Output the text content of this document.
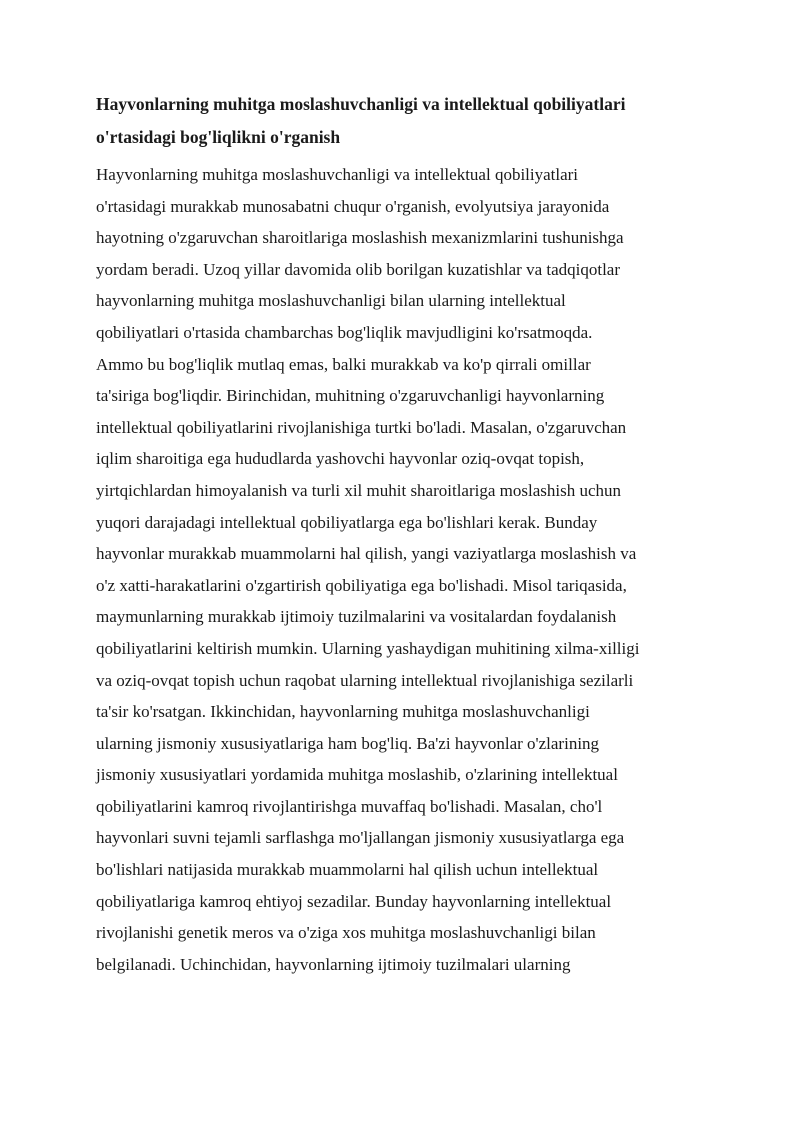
Hayvonlarning muhitga moslashuvchanligi va intellektual qobiliyatlari
o'rtasidagi bog'liqlikni o'rganish
Hayvonlarning muhitga moslashuvchanligi va intellektual qobiliyatlari
o'rtasidagi murakkab munosabatni chuqur o'rganish, evolyutsiya jarayonida
hayotning o'zgaruvchan sharoitlariga moslashish mexanizmlarini tushunishga
yordam beradi. Uzoq yillar davomida olib borilgan kuzatishlar va tadqiqotlar
hayvonlarning muhitga moslashuvchanligi bilan ularning intellektual
qobiliyatlari o'rtasida chambarchas bog'liqlik mavjudligini ko'rsatmoqda.
Ammo bu bog'liqlik mutlaq emas, balki murakkab va ko'p qirrali omillar
ta'siriga bog'liqdir. Birinchidan, muhitning o'zgaruvchanligi hayvonlarning
intellektual qobiliyatlarini rivojlanishiga turtki bo'ladi. Masalan, o'zgaruvchan
iqlim sharoitiga ega hududlarda yashovchi hayvonlar oziq-ovqat topish,
yirtqichlardan himoyalanish va turli xil muhit sharoitlariga moslashish uchun
yuqori darajadagi intellektual qobiliyatlarga ega bo'lishlari kerak. Bunday
hayvonlar murakkab muammolarni hal qilish, yangi vaziyatlarga moslashish va
o'z xatti-harakatlarini o'zgartirish qobiliyatiga ega bo'lishadi. Misol tariqasida,
maymunlarning murakkab ijtimoiy tuzilmalarini va vositalardan foydalanish
qobiliyatlarini keltirish mumkin. Ularning yashaydigan muhitining xilma-xilligi
va oziq-ovqat topish uchun raqobat ularning intellektual rivojlanishiga sezilarli
ta'sir ko'rsatgan. Ikkinchidan, hayvonlarning muhitga moslashuvchanligi
ularning jismoniy xususiyatlariga ham bog'liq. Ba'zi hayvonlar o'zlarining
jismoniy xususiyatlari yordamida muhitga moslashib, o'zlarining intellektual
qobiliyatlarini kamroq rivojlantirishga muvaffaq bo'lishadi. Masalan, cho'l
hayvonlari suvni tejamli sarflashga mo'ljallangan jismoniy xususiyatlarga ega
bo'lishlari natijasida murakkab muammolarni hal qilish uchun intellektual
qobiliyatlariga kamroq ehtiyoj sezadilar. Bunday hayvonlarning intellektual
rivojlanishi genetik meros va o'ziga xos muhitga moslashuvchanligi bilan
belgilanadi. Uchinchidan, hayvonlarning ijtimoiy tuzilmalari ularning
